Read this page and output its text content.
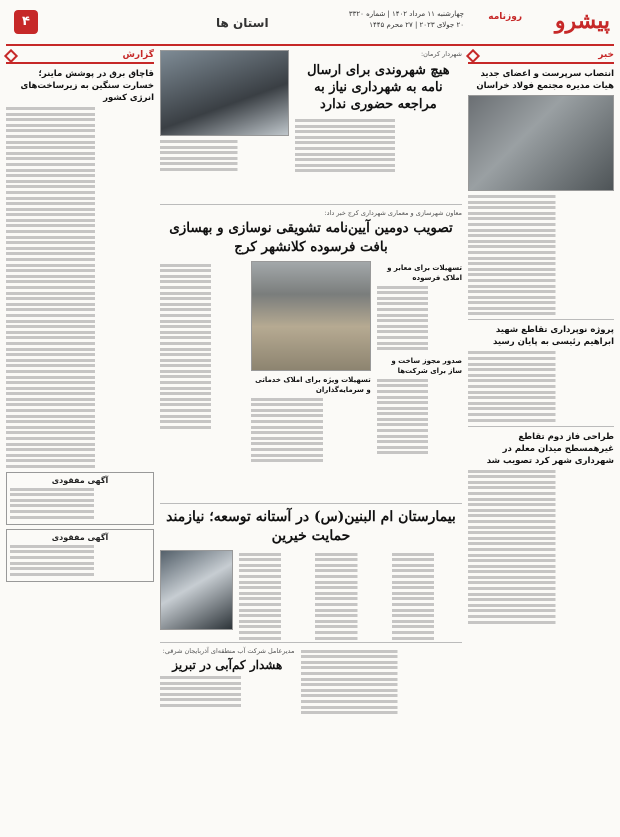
پیشرو
روزنامه
چهارشنبه ۱۱ مرداد ۱۴۰۲ | شماره ۳۳۲۰
۲۰ جولای ۲۰۲۳ | ۲۷ محرم ۱۴۴۵
استان ها
۴
خبر
انتصاب سرپرست و اعضای جدید هیات مدیره مجتمع فولاد خراسان
پروژه نوپرداری تقاطع شهید ابراهیم رئیسی به پایان رسید
طراحی فاز دوم تقاطع غیرهمسطح میدان معلم در شهرداری شهر کرد تصویب شد
شهردار کرمان:
هیچ شهروندی برای ارسال نامه به شهرداری نیاز به مراجعه حضوری ندارد
معاون شهرسازی و معماری شهرداری کرج خبر داد:
تصویب دومین آیین‌نامه تشویقی نوسازی و بهسازی بافت فرسوده کلانشهر کرج
تسهیلات برای معابر و املاک فرسوده
صدور مجوز ساخت و ساز برای شرکت‌ها
تسهیلات ویژه برای املاک خدماتی و سرمایه‌گذاران
بیمارستان ام البنین(س) در آستانه توسعه؛ نیازمند حمایت خیرین
مدیرعامل شرکت آب منطقه‌ای آذربایجان شرقی:
هشدار کم‌آبی در تبریز
گزارش
قاچاق برق در پوشش ماینر؛ خسارت سنگین به زیرساخت‌های انرژی کشور
آگهی مفقودی
آگهی مفقودی
